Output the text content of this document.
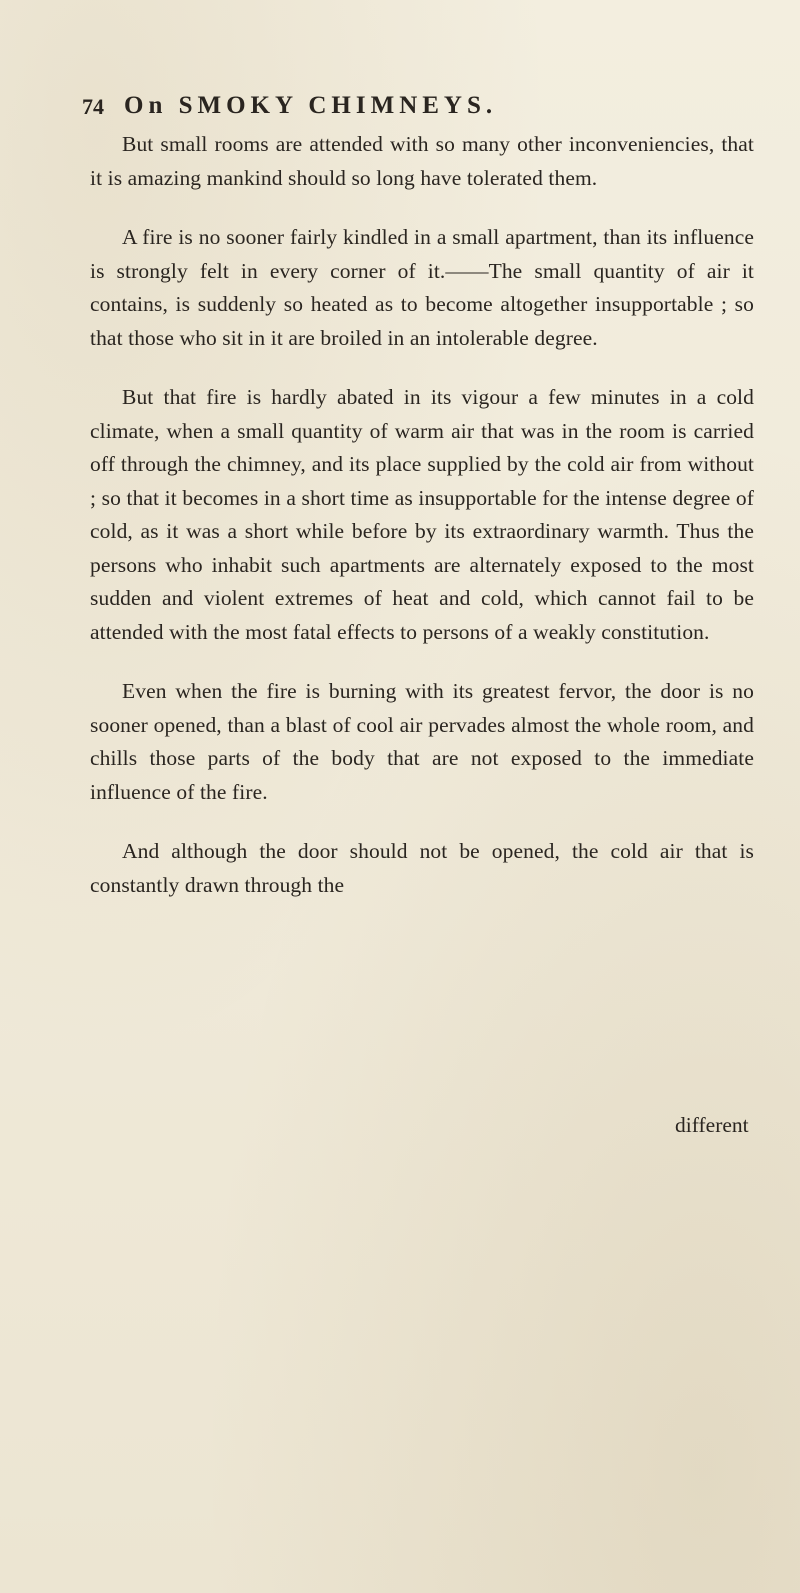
74 On SMOKY CHIMNEYS.

But small rooms are attended with so many other inconveniencies, that it is amazing mankind should so long have tolerated them.

A fire is no sooner fairly kindled in a small apartment, than its influence is strongly felt in every corner of it.——The small quantity of air it contains, is suddenly so heated as to become altogether insupportable ; so that those who sit in it are broiled in an intolerable degree.

But that fire is hardly abated in its vigour a few minutes in a cold climate, when a small quantity of warm air that was in the room is carried off through the chimney, and its place supplied by the cold air from without ; so that it becomes in a short time as insupportable for the intense degree of cold, as it was a short while before by its extraordinary warmth. Thus the persons who inhabit such apartments are alternately exposed to the most sudden and violent extremes of heat and cold, which cannot fail to be attended with the most fatal effects to persons of a weakly constitution.

Even when the fire is burning with its greatest fervor, the door is no sooner opened, than a blast of cool air pervades almost the whole room, and chills those parts of the body that are not exposed to the immediate influence of the fire.

And although the door should not be opened, the cold air that is constantly drawn through the

different
